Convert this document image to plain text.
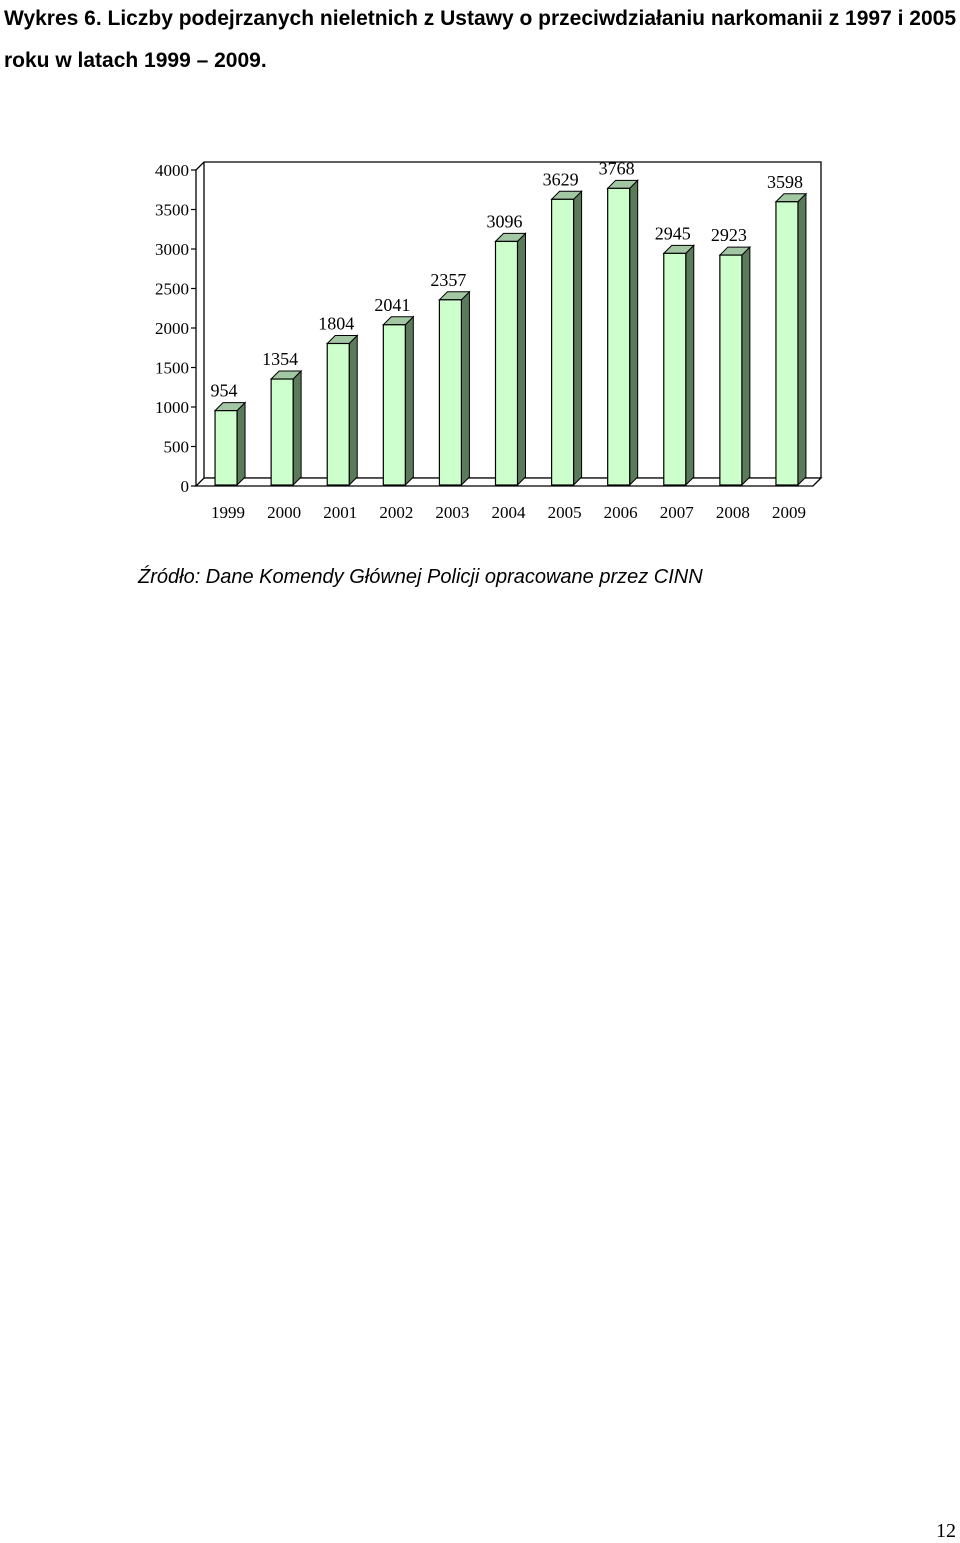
Wykres 6. Liczby podejrzanych nieletnich z Ustawy o przeciwdziałaniu narkomanii z 1997 i 2005 roku w latach 1999 – 2009.
0
500
1000
1500
2000
2500
3000
3500
4000
954
1354
1804
2041
2357
3096
3629
3768
2945 2923
3598
1999 2000 2001 2002 2003 2004 2005 2006 2007 2008 2009
Źródło: Dane Komendy Głównej Policji opracowane przez CINN
12
